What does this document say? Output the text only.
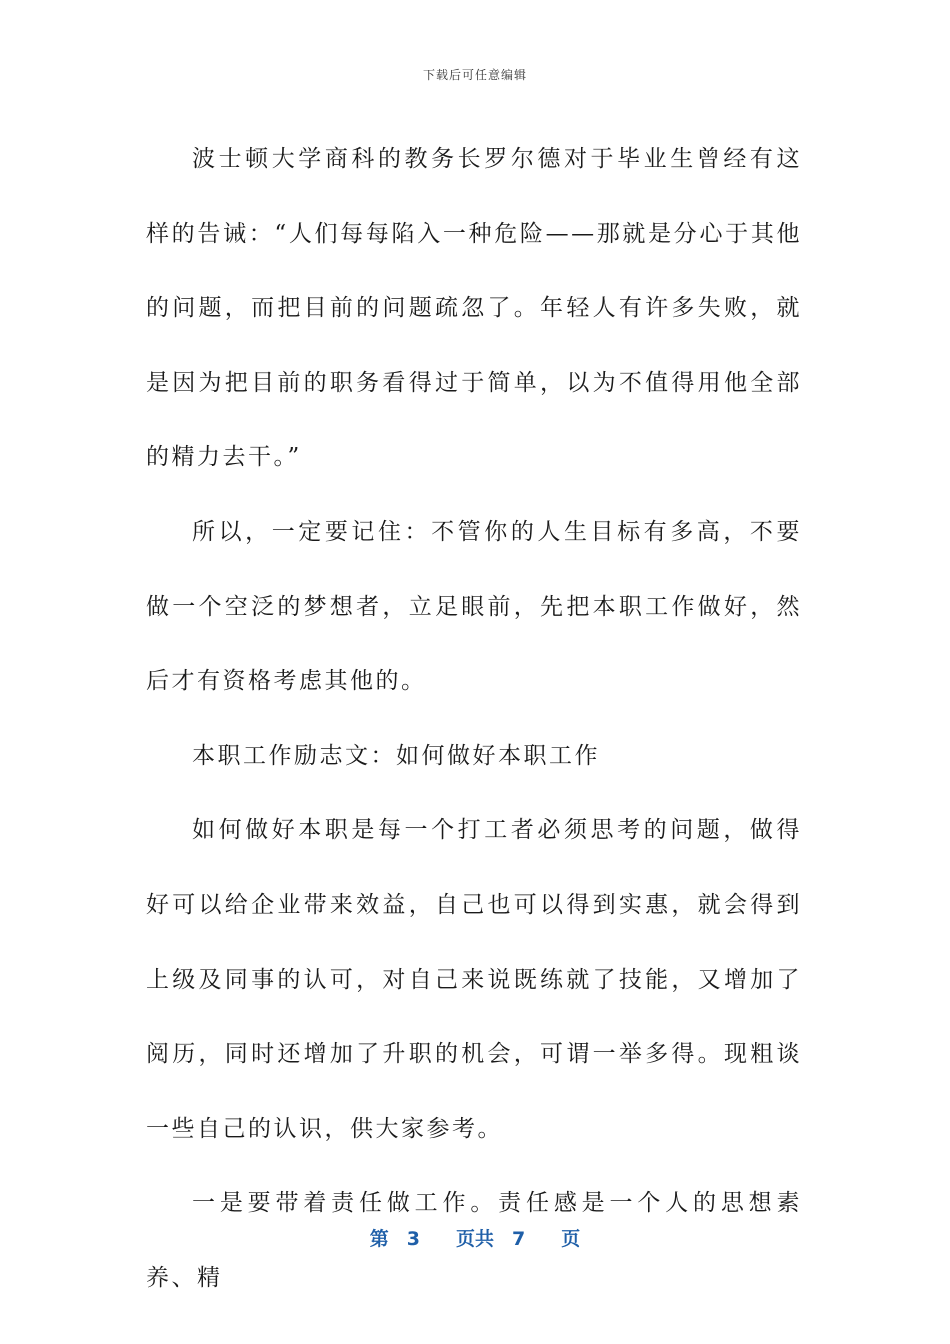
下载后可任意编辑

波士顿大学商科的教务长罗尔德对于毕业生曾经有这样的告诫：“人们每每陷入一种危险——那就是分心于其他的问题，而把目前的问题疏忽了。年轻人有许多失败，就是因为把目前的职务看得过于简单，以为不值得用他全部的精力去干。”

所以，一定要记住：不管你的人生目标有多高，不要做一个空泛的梦想者，立足眼前，先把本职工作做好，然后才有资格考虑其他的。

本职工作励志文：如何做好本职工作

如何做好本职是每一个打工者必须思考的问题，做得好可以给企业带来效益，自己也可以得到实惠，就会得到上级及同事的认可，对自己来说既练就了技能，又增加了阅历，同时还增加了升职的机会，可谓一举多得。现粗谈一些自己的认识，供大家参考。

一是要带着责任做工作。责任感是一个人的思想素养、精

第 3 页共 7 页
